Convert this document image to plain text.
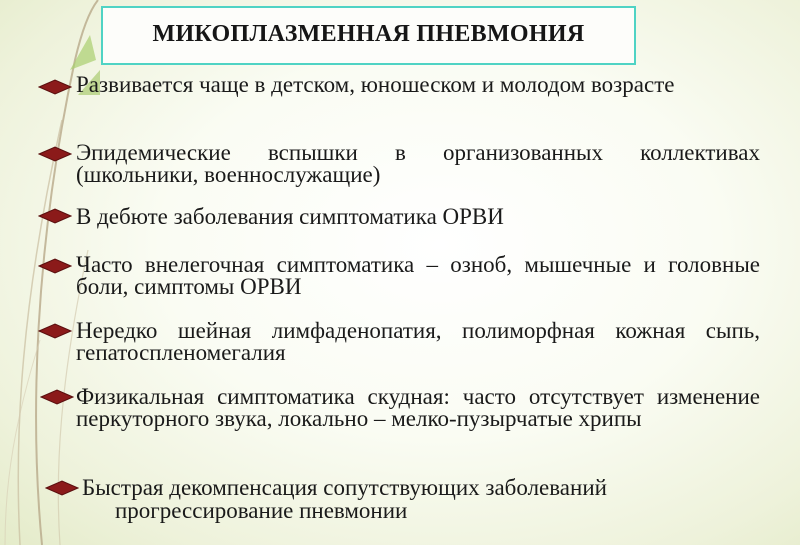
МИКОПЛАЗМЕННАЯ ПНЕВМОНИЯ
Развивается чаще в детском, юношеском и молодом возрасте
Эпидемические вспышки в организованных коллективах (школьники, военнослужащие)
В дебюте заболевания симптоматика ОРВИ
Часто внелегочная симптоматика – озноб, мышечные и головные боли, симптомы ОРВИ
Нередко шейная лимфаденопатия, полиморфная кожная сыпь, гепатоспленомегалия
Физикальная симптоматика скудная: часто отсутствует изменение перкуторного звука, локально – мелко-пузырчатые хрипы
Быстрая декомпенсация сопутствующих заболеваний
прогрессирование пневмонии
